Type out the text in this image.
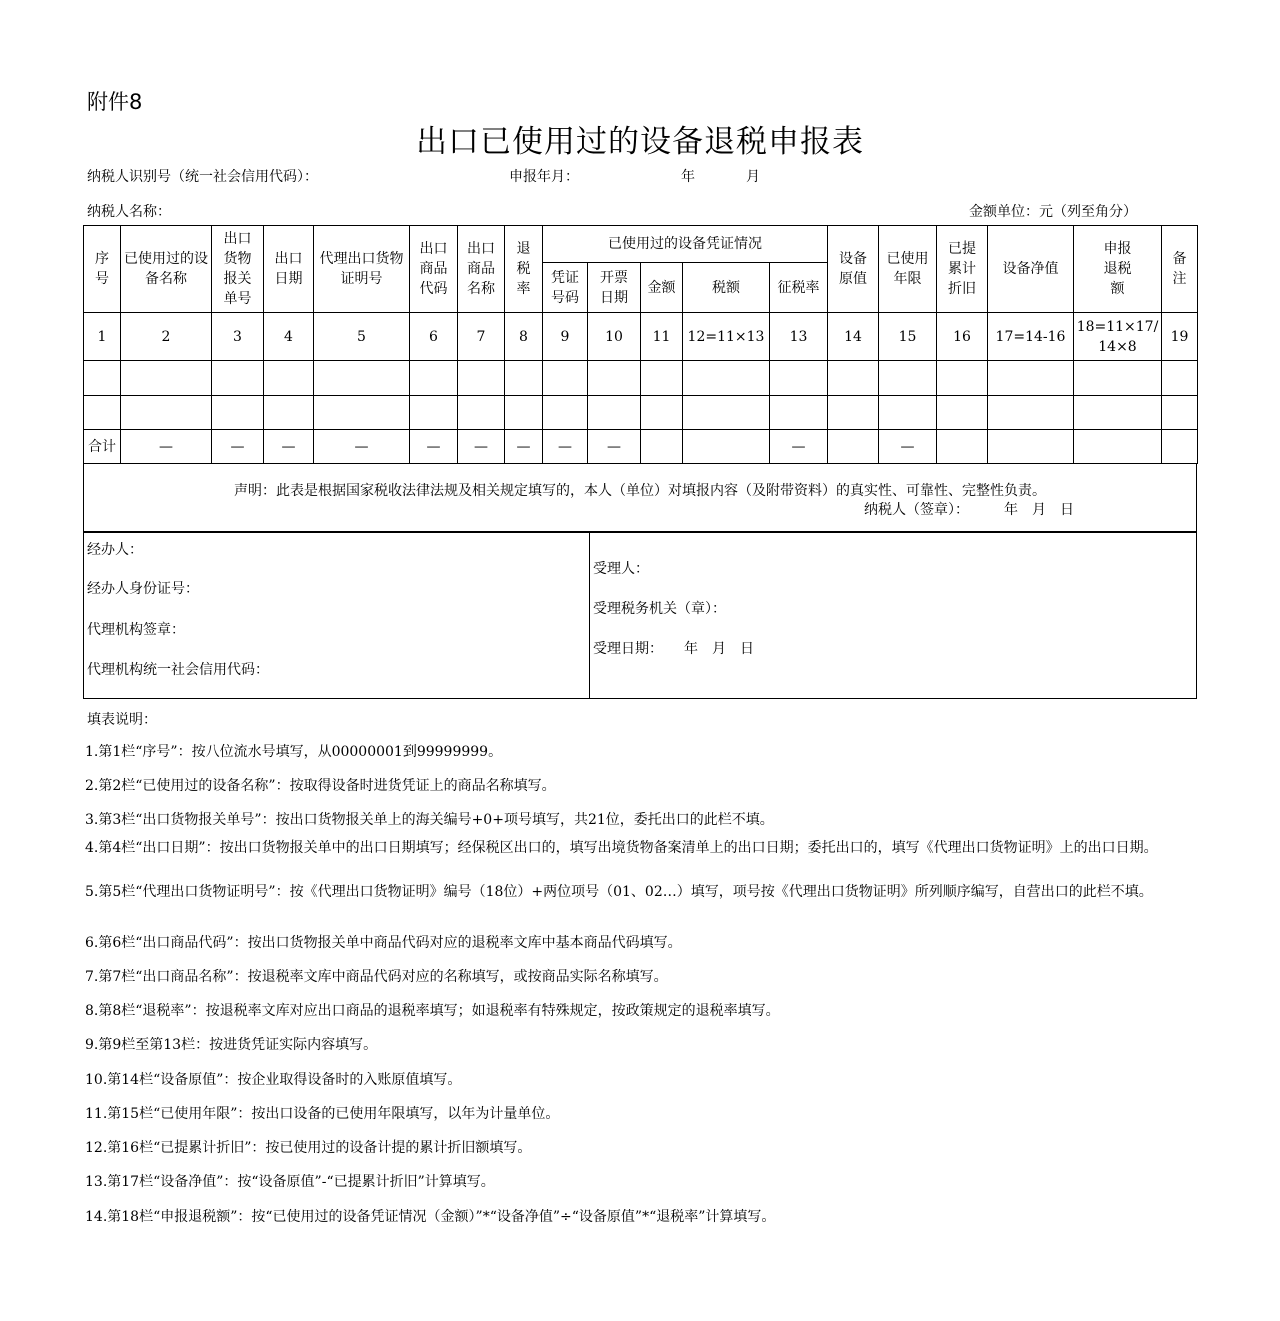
附件8
出口已使用过的设备退税申报表
纳税人识别号（统一社会信用代码）：	申报年月：	年	月
纳税人名称：	金额单位：元（列至角分）
序号	已使用过的设备名称	出口货物报关单号	出口日期	代理出口货物证明号	出口商品代码	出口商品名称	退税率	已使用过的设备凭证情况					设备原值	已使用年限	已提累计折旧	设备净值	申报退税额	备注

								凭证号码	开票日期	金额	税额	征税率						
1	2	3	4	5	6	7	8	9	10	11	12=11×13	13	14	15	16	17=14-16	18=11×17/14×8	19

合计	—	—	—	—	—	—	—	—	—			—		—				
声明：此表是根据国家税收法律法规及相关规定填写的，本人（单位）对填报内容（及附带资料）的真实性、可靠性、完整性负责。
纳税人（签章）：　　　年　月　日
经办人：
经办人身份证号：
代理机构签章：
代理机构统一社会信用代码：
受理人：
受理税务机关（章）：
受理日期：　　年　月　日
填表说明：
1.第1栏“序号”：按八位流水号填写，从00000001到99999999。
2.第2栏“已使用过的设备名称”：按取得设备时进货凭证上的商品名称填写。
3.第3栏“出口货物报关单号”：按出口货物报关单上的海关编号+0+项号填写，共21位，委托出口的此栏不填。
4.第4栏“出口日期”：按出口货物报关单中的出口日期填写；经保税区出口的，填写出境货物备案清单上的出口日期；委托出口的，填写《代理出口货物证明》上的出口日期。
5.第5栏“代理出口货物证明号”：按《代理出口货物证明》编号（18位）+两位项号（01、02…）填写，项号按《代理出口货物证明》所列顺序编写，自营出口的此栏不填。
6.第6栏“出口商品代码”：按出口货物报关单中商品代码对应的退税率文库中基本商品代码填写。
7.第7栏“出口商品名称”：按退税率文库中商品代码对应的名称填写，或按商品实际名称填写。
8.第8栏“退税率”：按退税率文库对应出口商品的退税率填写；如退税率有特殊规定，按政策规定的退税率填写。
9.第9栏至第13栏：按进货凭证实际内容填写。
10.第14栏“设备原值”：按企业取得设备时的入账原值填写。
11.第15栏“已使用年限”：按出口设备的已使用年限填写，以年为计量单位。
12.第16栏“已提累计折旧”：按已使用过的设备计提的累计折旧额填写。
13.第17栏“设备净值”：按“设备原值”-“已提累计折旧”计算填写。
14.第18栏“申报退税额”：按“已使用过的设备凭证情况（金额）”*“设备净值”÷“设备原值”*“退税率”计算填写。
